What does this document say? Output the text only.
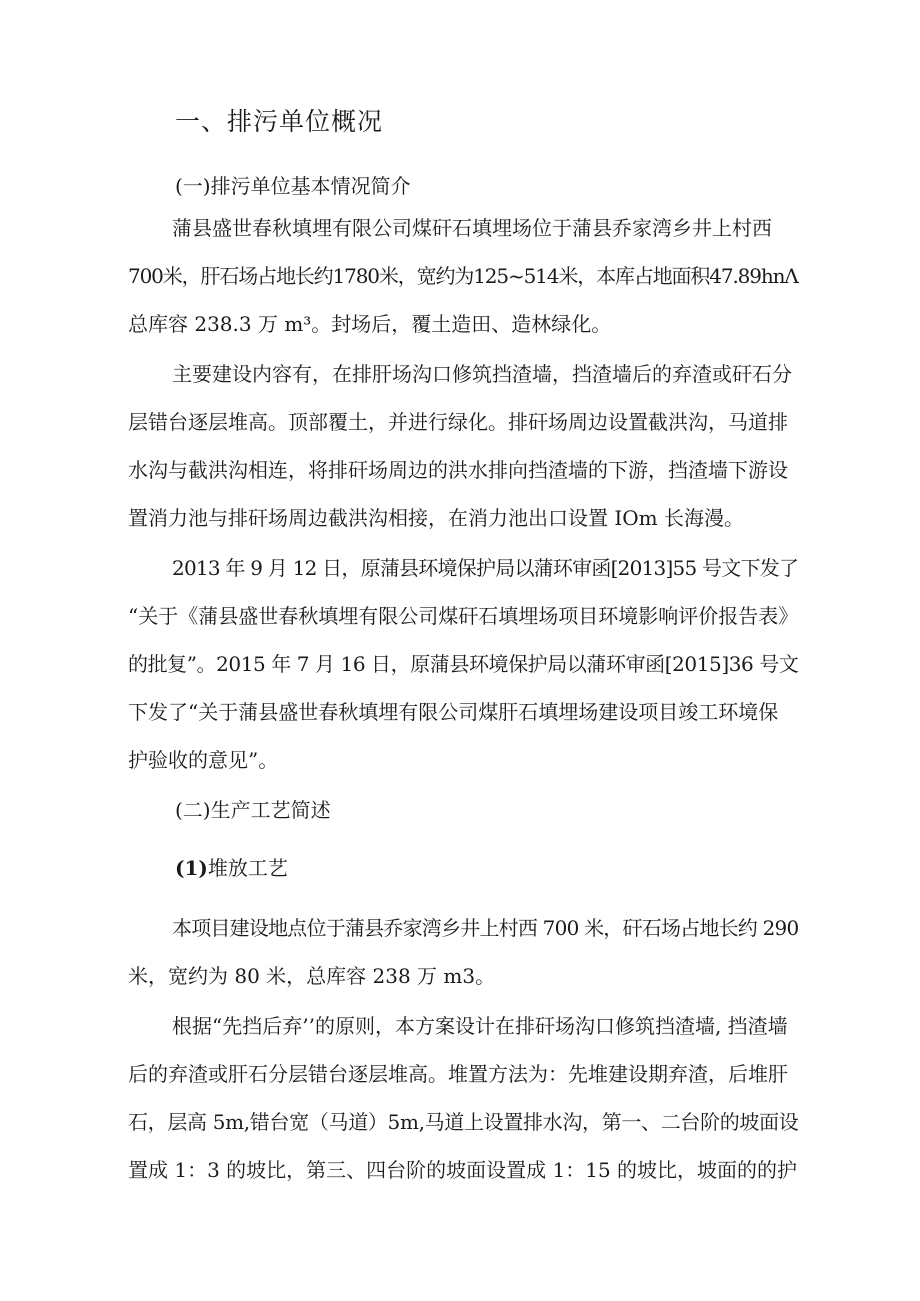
一、排污单位概况
(一)排污单位基本情况简介
蒲县盛世春秋填埋有限公司煤矸石填埋场位于蒲县乔家湾乡井上村西
700米，肝石场占地长约1780米，宽约为125~514米，本库占地面积47.89hnΛ
总库容 238.3 万 m³。封场后，覆土造田、造林绿化。
主要建设内容有，在排肝场沟口修筑挡渣墙，挡渣墙后的弃渣或矸石分
层错台逐层堆高。顶部覆土，并进行绿化。排矸场周边设置截洪沟，马道排
水沟与截洪沟相连，将排矸场周边的洪水排向挡渣墙的下游，挡渣墙下游设
置消力池与排矸场周边截洪沟相接，在消力池出口设置 IOm 长海漫。
2013 年 9 月 12 日，原蒲县环境保护局以蒲环审函[2013]55 号文下发了
“关于《蒲县盛世春秋填埋有限公司煤矸石填埋场项目环境影响评价报告表》
的批复”。2015 年 7 月 16 日，原蒲县环境保护局以蒲环审函[2015]36 号文
下发了“关于蒲县盛世春秋填埋有限公司煤肝石填埋场建设项目竣工环境保
护验收的意见”。
(二)生产工艺简述
(1)堆放工艺
本项目建设地点位于蒲县乔家湾乡井上村西 700 米，矸石场占地长约 290
米，宽约为 80 米，总库容 238 万 m3。
根据“先挡后弃’’的原则，本方案设计在排矸场沟口修筑挡渣墙, 挡渣墙
后的弃渣或肝石分层错台逐层堆高。堆置方法为：先堆建设期弃渣，后堆肝
石，层高 5m,错台宽（马道）5m,马道上设置排水沟，第一、二台阶的坡面设
置成 1：3 的坡比，第三、四台阶的坡面设置成 1：15 的坡比，坡面的的护
